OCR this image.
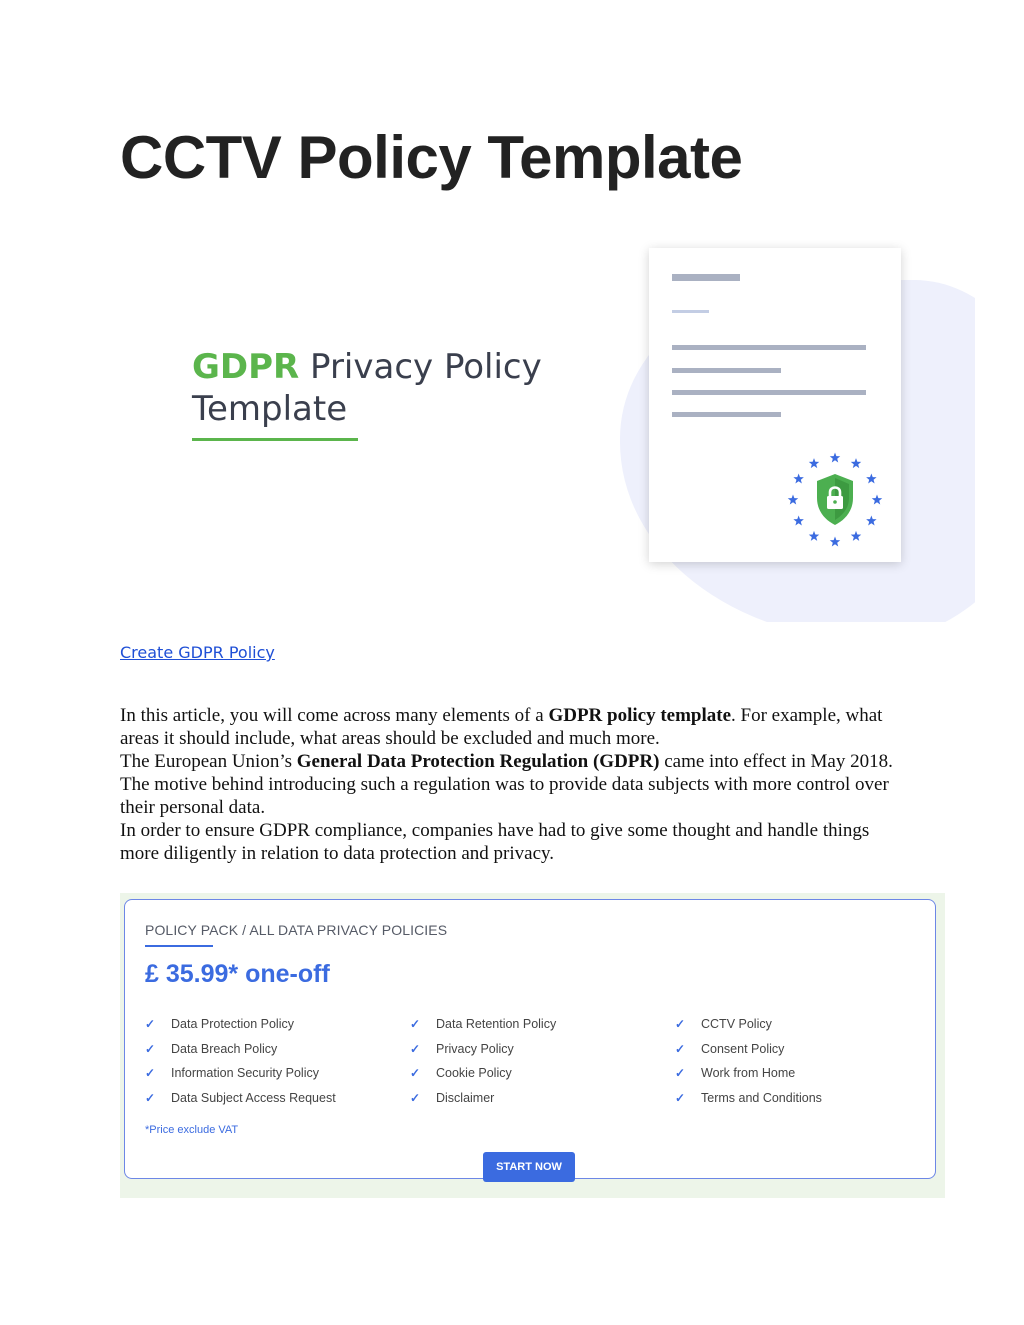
CCTV Policy Template
GDPR Privacy Policy
Template
Create GDPR Policy

In this article, you will come across many elements of a GDPR policy template. For example, what areas it should include, what areas should be excluded and much more.

The European Union’s General Data Protection Regulation (GDPR) came into effect in May 2018. The motive behind introducing such a regulation was to provide data subjects with more control over their personal data.

In order to ensure GDPR compliance, companies have had to give some thought and handle things more diligently in relation to data protection and privacy.

POLICY PACK / ALL DATA PRIVACY POLICIES
£ 35.99* one-off
✓	Data Protection Policy	✓	Data Retention Policy	✓	CCTV Policy
✓	Data Breach Policy	✓	Privacy Policy	✓	Consent Policy
✓	Information Security Policy	✓	Cookie Policy	✓	Work from Home
✓	Data Subject Access Request	✓	Disclaimer	✓	Terms and Conditions
*Price exclude VAT
START NOW
